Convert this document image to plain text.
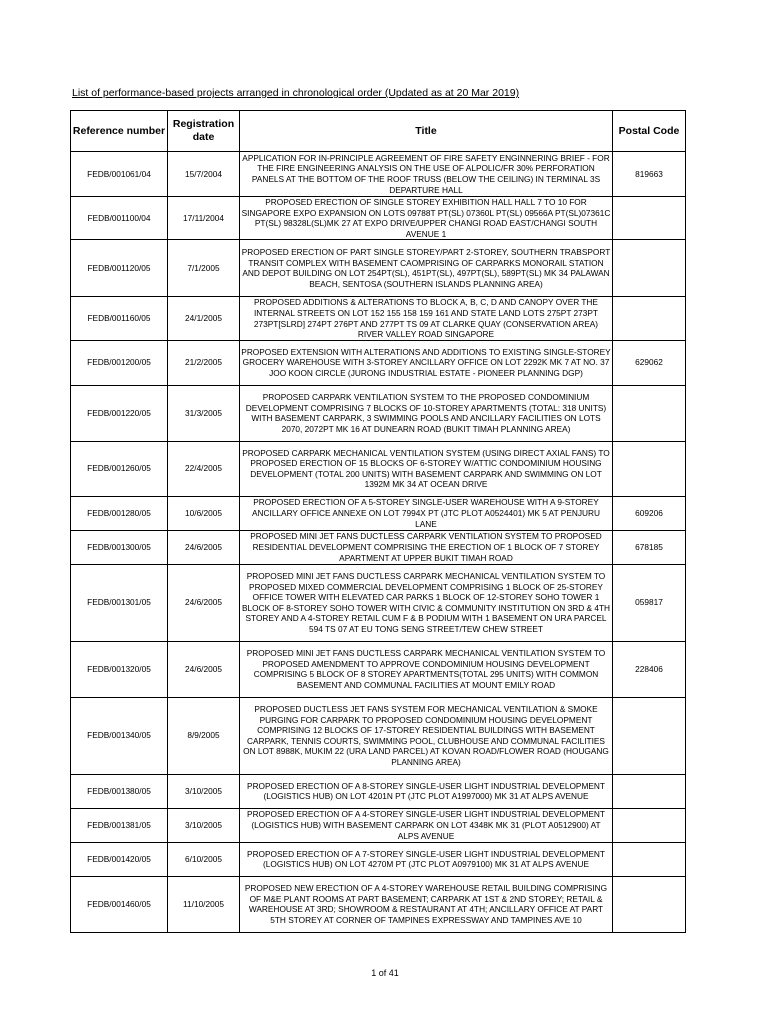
List of performance-based projects arranged in chronological order (Updated as at 20 Mar 2019)
Reference number	Registration date	Title	Postal Code
FEDB/001061/04	15/7/2004	APPLICATION FOR IN-PRINCIPLE AGREEMENT OF FIRE SAFETY ENGINNERING BRIEF - FOR THE FIRE ENGINEERING ANALYSIS ON THE USE OF ALPOLIC/FR 30% PERFORATION PANELS AT THE BOTTOM OF THE ROOF TRUSS (BELOW THE CEILING) IN TERMINAL 3S DEPARTURE HALL	819663
FEDB/001100/04	17/11/2004	PROPOSED ERECTION OF SINGLE STOREY EXHIBITION HALL HALL 7 TO 10 FOR SINGAPORE EXPO EXPANSION ON LOTS 09788T PT(SL) 07360L PT(SL) 09566A PT(SL)07361C PT(SL) 98328L(SL)MK 27 AT EXPO DRIVE/UPPER CHANGI ROAD EAST/CHANGI SOUTH AVENUE 1	
FEDB/001120/05	7/1/2005	PROPOSED ERECTION OF PART SINGLE STOREY/PART 2-STOREY, SOUTHERN TRABSPORT TRANSIT COMPLEX WITH BASEMENT CAOMPRISING OF CARPARKS MONORAIL STATION AND DEPOT BUILDING ON LOT 254PT(SL), 451PT(SL), 497PT(SL), 589PT(SL) MK 34 PALAWAN BEACH, SENTOSA (SOUTHERN ISLANDS PLANNING AREA)	
FEDB/001160/05	24/1/2005	PROPOSED ADDITIONS & ALTERATIONS TO BLOCK A, B, C, D AND CANOPY OVER THE INTERNAL STREETS ON LOT 152 155 158 159 161 AND STATE LAND LOTS 275PT 273PT 273PT[SLRD] 274PT 276PT AND 277PT TS 09 AT CLARKE QUAY (CONSERVATION AREA) RIVER VALLEY ROAD SINGAPORE	
FEDB/001200/05	21/2/2005	PROPOSED EXTENSION WITH ALTERATIONS AND ADDITIONS TO EXISTING SINGLE-STOREY GROCERY WAREHOUSE WITH 3-STOREY ANCILLARY OFFICE ON LOT 2292K MK 7 AT NO. 37 JOO KOON CIRCLE (JURONG INDUSTRIAL ESTATE - PIONEER PLANNING DGP)	629062
FEDB/001220/05	31/3/2005	PROPOSED CARPARK VENTILATION SYSTEM TO THE PROPOSED CONDOMINIUM DEVELOPMENT COMPRISING 7 BLOCKS OF 10-STOREY APARTMENTS (TOTAL: 318 UNITS) WITH BASEMENT CARPARK, 3 SWIMMING POOLS AND ANCILLARY FACILITIES ON LOTS 2070, 2072PT MK 16 AT DUNEARN ROAD (BUKIT TIMAH PLANNING AREA)	
FEDB/001260/05	22/4/2005	PROPOSED CARPARK MECHANICAL VENTILATION SYSTEM (USING DIRECT AXIAL FANS) TO PROPOSED ERECTION OF 15 BLOCKS OF 6-STOREY W/ATTIC CONDOMINIUM HOUSING DEVELOPMENT (TOTAL 200 UNITS) WITH BASEMENT CARPARK AND SWIMMING ON LOT 1392M MK 34 AT OCEAN DRIVE	
FEDB/001280/05	10/6/2005	PROPOSED ERECTION OF A 5-STOREY SINGLE-USER WAREHOUSE WITH A 9-STOREY ANCILLARY OFFICE ANNEXE ON LOT 7994X PT (JTC PLOT A0524401) MK 5 AT PENJURU LANE	609206
FEDB/001300/05	24/6/2005	PROPOSED MINI JET FANS DUCTLESS CARPARK VENTILATION SYSTEM TO PROPOSED RESIDENTIAL DEVELOPMENT COMPRISING THE ERECTION OF 1 BLOCK OF 7 STOREY APARTMENT AT UPPER BUKIT TIMAH ROAD	678185
FEDB/001301/05	24/6/2005	PROPOSED MINI JET FANS DUCTLESS CARPARK MECHANICAL VENTILATION SYSTEM TO PROPOSED MIXED COMMERCIAL DEVELOPMENT COMPRISING 1 BLOCK OF 25-STOREY OFFICE TOWER WITH ELEVATED CAR PARKS 1 BLOCK OF 12-STOREY SOHO TOWER 1 BLOCK OF 8-STOREY SOHO TOWER WITH CIVIC & COMMUNITY INSTITUTION ON 3RD & 4TH STOREY AND A 4-STOREY RETAIL CUM F & B PODIUM WITH 1 BASEMENT ON URA PARCEL 594 TS 07 AT EU TONG SENG STREET/TEW CHEW STREET	059817
FEDB/001320/05	24/6/2005	PROPOSED MINI JET FANS DUCTLESS CARPARK MECHANICAL VENTILATION SYSTEM TO PROPOSED AMENDMENT TO APPROVE CONDOMINIUM HOUSING DEVELOPMENT COMPRISING 5 BLOCK OF 8 STOREY APARTMENTS(TOTAL 295 UNITS) WITH COMMON BASEMENT AND COMMUNAL FACILITIES AT MOUNT EMILY ROAD	228406
FEDB/001340/05	8/9/2005	PROPOSED DUCTLESS JET FANS SYSTEM FOR MECHANICAL VENTILATION & SMOKE PURGING FOR CARPARK TO PROPOSED CONDOMINIUM HOUSING DEVELOPMENT COMPRISING 12 BLOCKS OF 17-STOREY RESIDENTIAL BUILDINGS WITH BASEMENT CARPARK, TENNIS COURTS, SWIMMING POOL, CLUBHOUSE AND COMMUNAL FACILITIES ON LOT 8988K, MUKIM 22 (URA LAND PARCEL) AT KOVAN ROAD/FLOWER ROAD (HOUGANG PLANNING AREA)	
FEDB/001380/05	3/10/2005	PROPOSED ERECTION OF A 8-STOREY SINGLE-USER LIGHT INDUSTRIAL DEVELOPMENT (LOGISTICS HUB) ON LOT 4201N PT (JTC PLOT A1997000) MK 31 AT ALPS AVENUE	
FEDB/001381/05	3/10/2005	PROPOSED ERECTION OF A 4-STOREY SINGLE-USER LIGHT INDUSTRIAL DEVELOPMENT (LOGISTICS HUB) WITH BASEMENT CARPARK ON LOT 4348K MK 31 (PLOT A0512900) AT ALPS AVENUE	
FEDB/001420/05	6/10/2005	PROPOSED ERECTION OF A 7-STOREY SINGLE-USER LIGHT INDUSTRIAL DEVELOPMENT (LOGISTICS HUB) ON LOT 4270M PT (JTC PLOT A0979100) MK 31 AT ALPS AVENUE	
FEDB/001460/05	11/10/2005	PROPOSED NEW ERECTION OF A 4-STOREY WAREHOUSE RETAIL BUILDING COMPRISING OF M&E PLANT ROOMS AT PART BASEMENT; CARPARK AT 1ST & 2ND STOREY; RETAIL & WAREHOUSE AT 3RD; SHOWROOM & RESTAURANT AT 4TH; ANCILLARY OFFICE AT PART 5TH STOREY AT CORNER OF TAMPINES EXPRESSWAY AND TAMPINES AVE 10	
1 of 41
